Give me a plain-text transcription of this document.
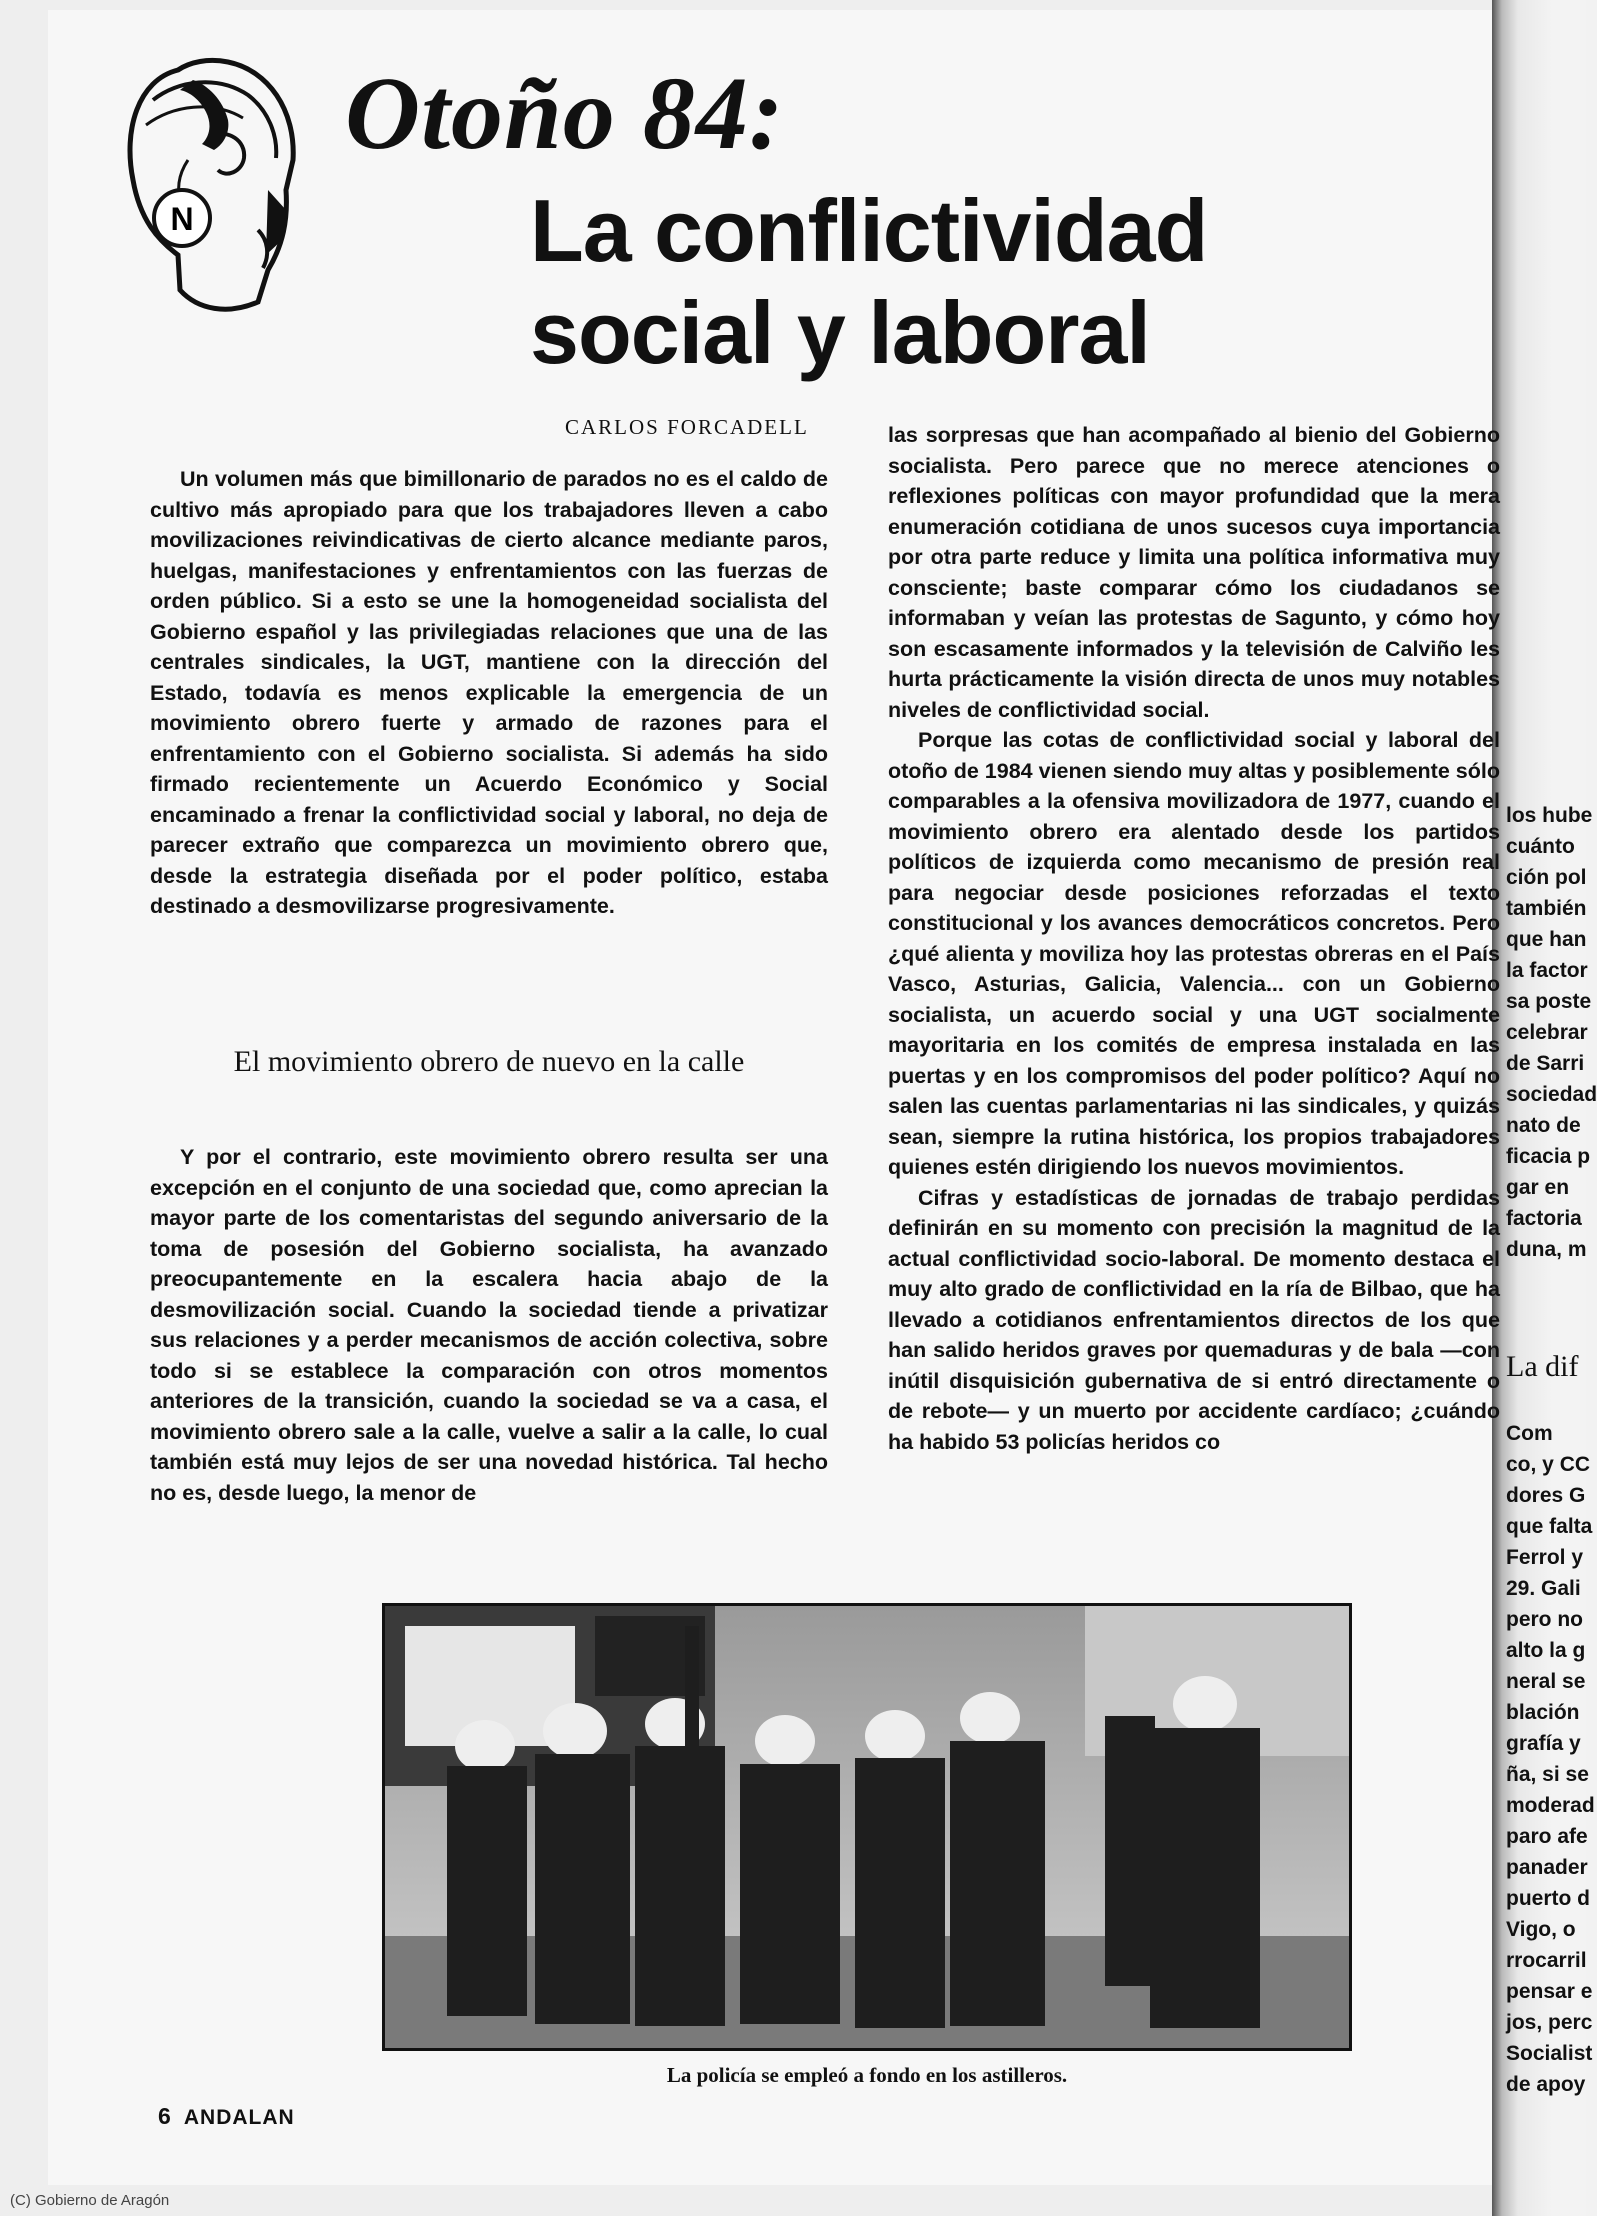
N
Otoño 84:
La conflictividad
social y laboral
CARLOS FORCADELL

Un volumen más que bimillonario de parados no es el caldo de cultivo más apropiado para que los trabajadores lleven a cabo movilizaciones reivindicativas de cierto alcance mediante paros, huelgas, manifestaciones y enfrentamientos con las fuerzas de orden público. Si a esto se une la homogeneidad socialista del Gobierno español y las privilegiadas relaciones que una de las centrales sindicales, la UGT, mantiene con la dirección del Estado, todavía es menos explicable la emergencia de un movimiento obrero fuerte y armado de razones para el enfrentamiento con el Gobierno socialista. Si además ha sido firmado recientemente un Acuerdo Económico y Social encaminado a frenar la conflictividad social y laboral, no deja de parecer extraño que comparezca un movimiento obrero que, desde la estrategia diseñada por el poder político, estaba destinado a desmovilizarse progresivamente.

El movimiento obrero de nuevo en la calle

Y por el contrario, este movimiento obrero resulta ser una excepción en el conjunto de una sociedad que, como aprecian la mayor parte de los comentaristas del segundo aniversario de la toma de posesión del Gobierno socialista, ha avanzado preocupantemente en la escalera hacia abajo de la desmovilización social. Cuando la sociedad tiende a privatizar sus relaciones y a perder mecanismos de acción colectiva, sobre todo si se establece la comparación con otros momentos anteriores de la transición, cuando la sociedad se va a casa, el movimiento obrero sale a la calle, vuelve a salir a la calle, lo cual también está muy lejos de ser una novedad histórica. Tal hecho no es, desde luego, la menor de

las sorpresas que han acompañado al bienio del Gobierno socialista. Pero parece que no merece atenciones o reflexiones políticas con mayor profundidad que la mera enumeración cotidiana de unos sucesos cuya importancia por otra parte reduce y limita una política informativa muy consciente; baste comparar cómo los ciudadanos se informaban y veían las protestas de Sagunto, y cómo hoy son escasamente informados y la televisión de Calviño les hurta prácticamente la visión directa de unos muy notables niveles de conflictividad social.

Porque las cotas de conflictividad social y laboral del otoño de 1984 vienen siendo muy altas y posiblemente sólo comparables a la ofensiva movilizadora de 1977, cuando el movimiento obrero era alentado desde los partidos políticos de izquierda como mecanismo de presión real para negociar desde posiciones reforzadas el texto constitucional y los avances democráticos concretos. Pero ¿qué alienta y moviliza hoy las protestas obreras en el País Vasco, Asturias, Galicia, Valencia... con un Gobierno socialista, un acuerdo social y una UGT socialmente mayoritaria en los comités de empresa instalada en las puertas y en los compromisos del poder político? Aquí no salen las cuentas parlamentarias ni las sindicales, y quizás sean, siempre la rutina histórica, los propios trabajadores quienes estén dirigiendo los nuevos movimientos.

Cifras y estadísticas de jornadas de trabajo perdidas definirán en su momento con precisión la magnitud de la actual conflictividad socio-laboral. De momento destaca el muy alto grado de conflictividad en la ría de Bilbao, que ha llevado a cotidianos enfrentamientos directos de los que han salido heridos graves por quemaduras y de bala —con inútil disquisición gubernativa de si entró directamente o de rebote— y un muerto por accidente cardíaco; ¿cuándo ha habido 53 policías heridos co

los hube
cuánto
ción pol
también
que han
la factor
sa poste
celebrar
de Sarri
sociedad
nato de
ficacia p
gar en
factoria
duna, m
La dif
Com
co, y CC
dores G
que falta
Ferrol y
29. Gali
pero no
alto la g
neral se
blación
grafía y
ña, si se
moderad
paro afe
panader
puerto d
Vigo, o
rrocarril
pensar e
jos, perc
Socialist
de apoy
La policía se empleó a fondo en los astilleros.
6 ANDALAN
(C) Gobierno de Aragón
